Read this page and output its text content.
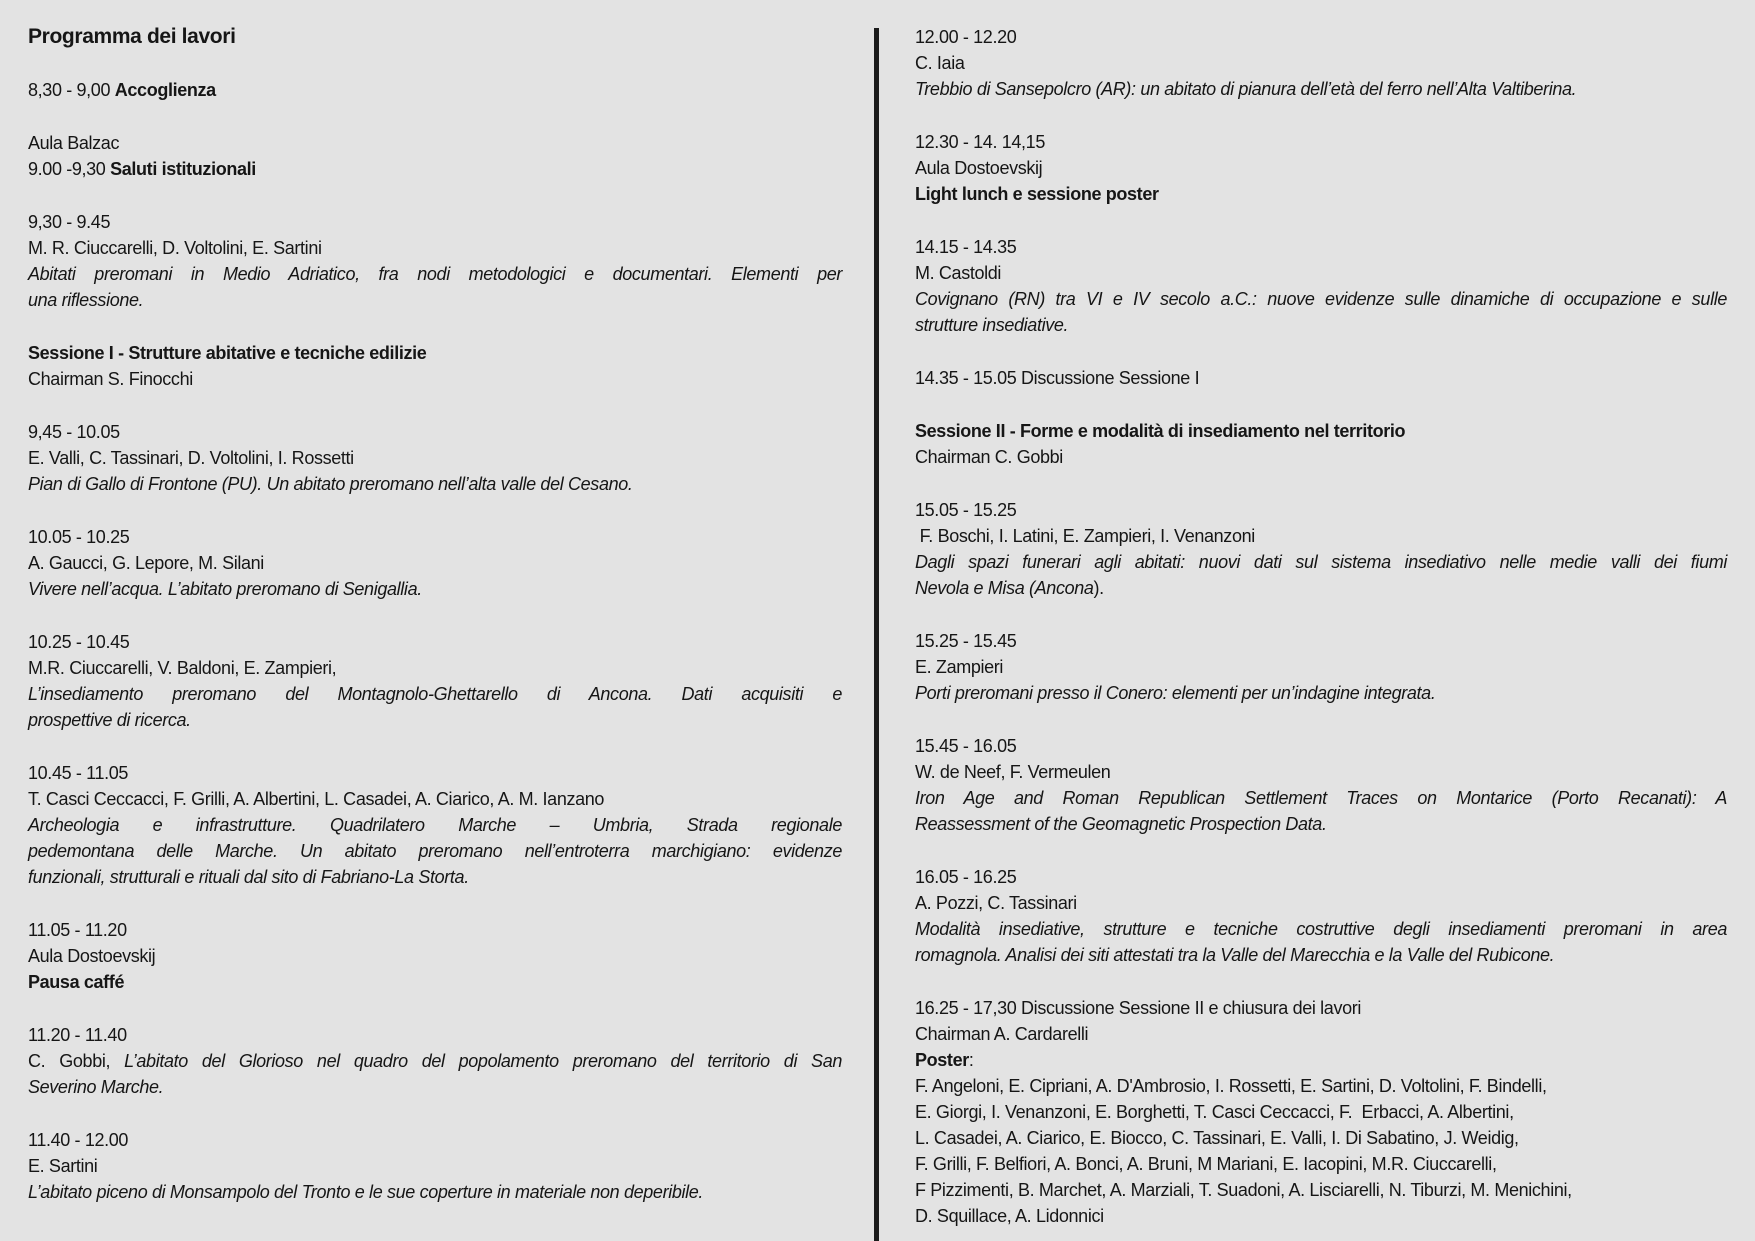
Programma dei lavori
8,30 - 9,00 Accoglienza
Aula Balzac
9.00 -9,30 Saluti istituzionali
9,30 - 9.45
M. R. Ciuccarelli, D. Voltolini, E. Sartini
Abitati preromani in Medio Adriatico, fra nodi metodologici e documentari. Elementi per
una riflessione.
Sessione I - Strutture abitative e tecniche edilizie
Chairman S. Finocchi
9,45 - 10.05
E. Valli, C. Tassinari, D. Voltolini, I. Rossetti
Pian di Gallo di Frontone (PU). Un abitato preromano nell’alta valle del Cesano.
10.05 - 10.25
A. Gaucci, G. Lepore, M. Silani
Vivere nell’acqua. L’abitato preromano di Senigallia.
10.25 - 10.45
M.R. Ciuccarelli, V. Baldoni, E. Zampieri,
L’insediamento preromano del Montagnolo-Ghettarello di Ancona. Dati acquisiti e
prospettive di ricerca.
10.45 - 11.05
T. Casci Ceccacci, F. Grilli, A. Albertini, L. Casadei, A. Ciarico, A. M. Ianzano
Archeologia e infrastrutture. Quadrilatero Marche – Umbria, Strada regionale
pedemontana delle Marche. Un abitato preromano nell’entroterra marchigiano: evidenze
funzionali, strutturali e rituali dal sito di Fabriano-La Storta.
11.05 - 11.20
Aula Dostoevskij
Pausa caffé
11.20 - 11.40
C. Gobbi, L’abitato del Glorioso nel quadro del popolamento preromano del territorio di San
Severino Marche.
11.40 - 12.00
E. Sartini
L’abitato piceno di Monsampolo del Tronto e le sue coperture in materiale non deperibile.
12.00 - 12.20
C. Iaia
Trebbio di Sansepolcro (AR): un abitato di pianura dell’età del ferro nell’Alta Valtiberina.
12.30 - 14. 14,15
Aula Dostoevskij
Light lunch e sessione poster
14.15 - 14.35
M. Castoldi
Covignano (RN) tra VI e IV secolo a.C.: nuove evidenze sulle dinamiche di occupazione e sulle
strutture insediative.
14.35 - 15.05 Discussione Sessione I
Sessione II - Forme e modalità di insediamento nel territorio
Chairman C. Gobbi
15.05 - 15.25
F. Boschi, I. Latini, E. Zampieri, I. Venanzoni
Dagli spazi funerari agli abitati: nuovi dati sul sistema insediativo nelle medie valli dei fiumi
Nevola e Misa (Ancona).
15.25 - 15.45
E. Zampieri
Porti preromani presso il Conero: elementi per un’indagine integrata.
15.45 - 16.05
W. de Neef, F. Vermeulen
Iron Age and Roman Republican Settlement Traces on Montarice (Porto Recanati): A
Reassessment of the Geomagnetic Prospection Data.
16.05 - 16.25
A. Pozzi, C. Tassinari
Modalità insediative, strutture e tecniche costruttive degli insediamenti preromani in area
romagnola. Analisi dei siti attestati tra la Valle del Marecchia e la Valle del Rubicone.
16.25 - 17,30 Discussione Sessione II e chiusura dei lavori
Chairman A. Cardarelli
Poster:
F. Angeloni, E. Cipriani, A. D'Ambrosio, I. Rossetti, E. Sartini, D. Voltolini, F. Bindelli,
E. Giorgi, I. Venanzoni, E. Borghetti, T. Casci Ceccacci, F.  Erbacci, A. Albertini,
L. Casadei, A. Ciarico, E. Biocco, C. Tassinari, E. Valli, I. Di Sabatino, J. Weidig,
F. Grilli, F. Belfiori, A. Bonci, A. Bruni, M Mariani, E. Iacopini, M.R. Ciuccarelli,
F Pizzimenti, B. Marchet, A. Marziali, T. Suadoni, A. Lisciarelli, N. Tiburzi, M. Menichini,
D. Squillace, A. Lidonnici
